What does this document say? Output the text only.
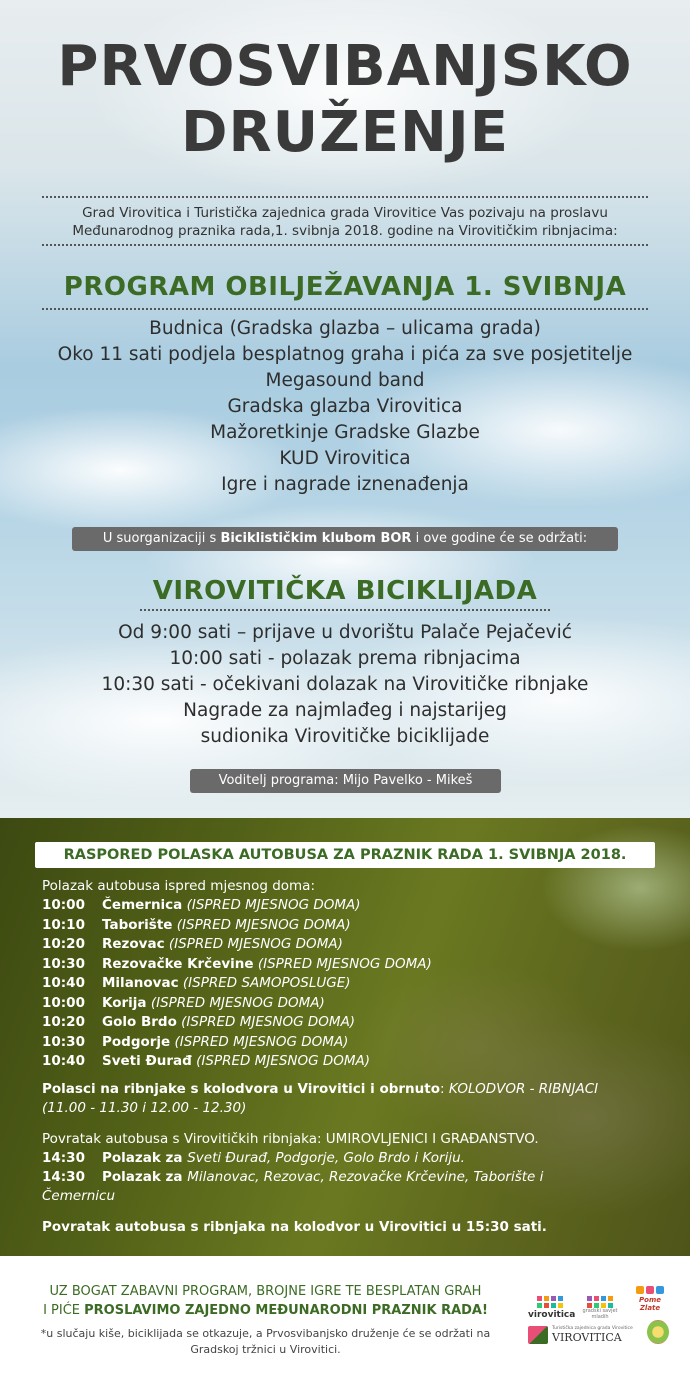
PRVOSVIBANJSKO
DRUŽENJE
Grad Virovitica i Turistička zajednica grada Virovitice Vas pozivaju na proslavu
Međunarodnog praznika rada,1. svibnja 2018. godine na Virovitičkim ribnjacima:
PROGRAM OBILJEŽAVANJA 1. SVIBNJA
Budnica (Gradska glazba – ulicama grada)
Oko 11 sati podjela besplatnog graha i pića za sve posjetitelje
Megasound band
Gradska glazba Virovitica
Mažoretkinje Gradske Glazbe
KUD Virovitica
Igre i nagrade iznenađenja
U suorganizaciji s Biciklističkim klubom BOR i ove godine će se održati:
VIROVITIČKA BICIKLIJADA
Od 9:00 sati – prijave u dvorištu Palače Pejačević
10:00 sati - polazak prema ribnjacima
10:30 sati - očekivani dolazak na Virovitičke ribnjake
Nagrade za najmlađeg i najstarijeg
sudionika Virovitičke biciklijade
Voditelj programa: Mijo Pavelko - Mikeš
RASPORED POLASKA AUTOBUSA ZA PRAZNIK RADA 1. SVIBNJA 2018.
Polazak autobusa ispred mjesnog doma:
10:00 Čemernica (ISPRED MJESNOG DOMA)
10:10 Taborište (ISPRED MJESNOG DOMA)
10:20 Rezovac (ISPRED MJESNOG DOMA)
10:30 Rezovačke Krčevine (ISPRED MJESNOG DOMA)
10:40 Milanovac (ISPRED SAMOPOSLUGE)
10:00 Korija (ISPRED MJESNOG DOMA)
10:20 Golo Brdo (ISPRED MJESNOG DOMA)
10:30 Podgorje (ISPRED MJESNOG DOMA)
10:40 Sveti Đurađ (ISPRED MJESNOG DOMA)
Polasci na ribnjake s kolodvora u Virovitici i obrnuto: KOLODVOR - RIBNJACI
(11.00 - 11.30 i 12.00 - 12.30)
Povratak autobusa s Virovitičkih ribnjaka: UMIROVLJENICI I GRAĐANSTVO.
14:30 Polazak za Sveti Đurađ, Podgorje, Golo Brdo i Koriju.
14:30 Polazak za Milanovac, Rezovac, Rezovačke Krčevine, Taborište i
Čemernicu
Povratak autobusa s ribnjaka na kolodvor u Virovitici u 15:30 sati.
UZ BOGAT ZABAVNI PROGRAM, BROJNE IGRE TE BESPLATAN GRAH
I PIĆE PROSLAVIMO ZAJEDNO MEĐUNARODNI PRAZNIK RADA!
*u slučaju kiše, biciklijada se otkazuje, a Prvosvibanjsko druženje će se održati na
Gradskoj tržnici u Virovitici.
virovitica	gradski savjet mladih
Pome Zlate
Turistička zajednica grada Virovitice
VIROVITICA
